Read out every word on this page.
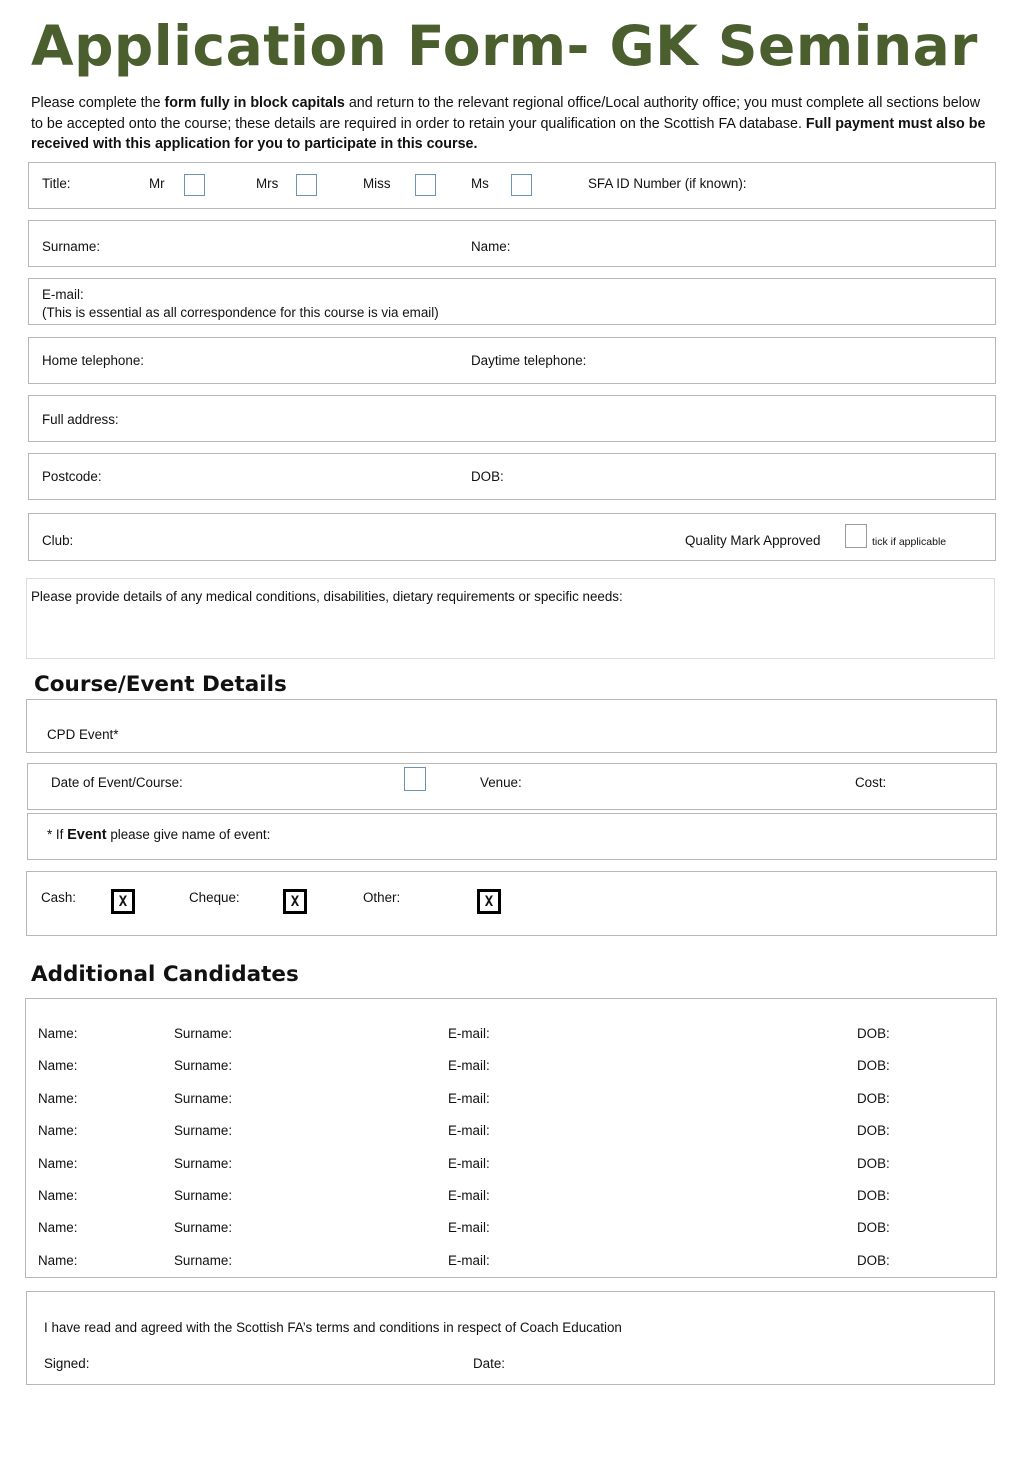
Application Form- GK Seminar
Please complete the form fully in block capitals and return to the relevant regional office/Local authority office; you must complete all sections below to be accepted onto the course; these details are required in order to retain your qualification on the Scottish FA database. Full payment must also be received with this application for you to participate in this course.
Title:	Mr	Mrs	Miss	Ms	SFA ID Number (if known):
Surname:	Name:
E-mail:
(This is essential as all correspondence for this course is via email)
Home telephone:	Daytime telephone:
Full address:
Postcode:	DOB:
Club:	Quality Mark Approved	tick if applicable
Please provide details of any medical conditions, disabilities, dietary requirements or specific needs:
Course/Event Details
CPD Event*
Date of Event/Course:	Venue:	Cost:
* If Event please give name of event:
Cash:	X	Cheque:	X	Other:	X
Additional Candidates
Name:	Surname:	E-mail:	DOB:
Name:	Surname:	E-mail:	DOB:
Name:	Surname:	E-mail:	DOB:
Name:	Surname:	E-mail:	DOB:
Name:	Surname:	E-mail:	DOB:
Name:	Surname:	E-mail:	DOB:
Name:	Surname:	E-mail:	DOB:
Name:	Surname:	E-mail:	DOB:
I have read and agreed with the Scottish FA’s terms and conditions in respect of Coach Education
Signed:	Date:
